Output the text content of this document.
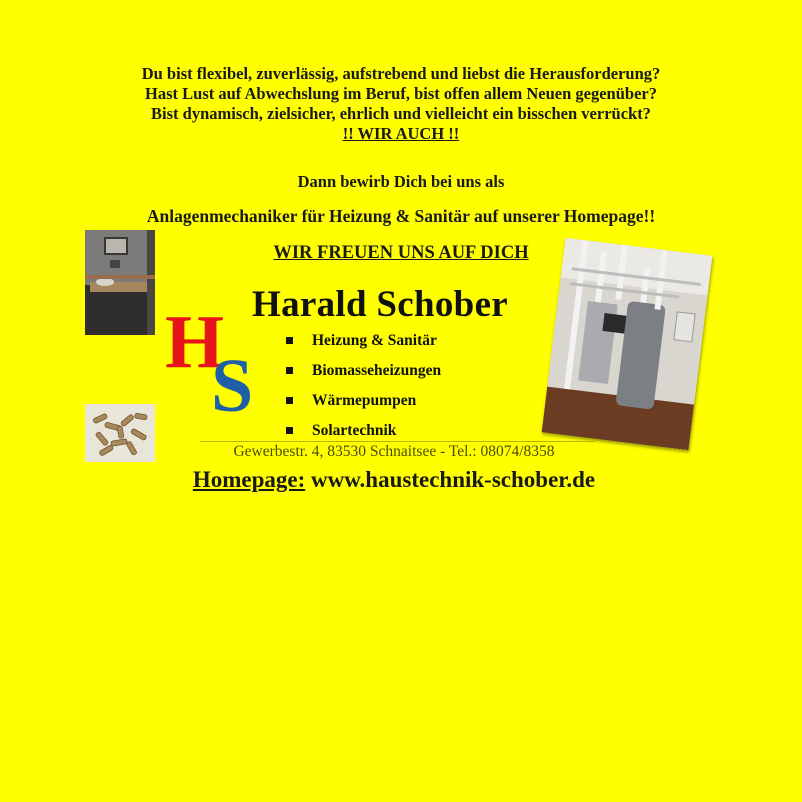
Du bist flexibel, zuverlässig, aufstrebend und liebst die Herausforderung?

Hast Lust auf Abwechslung im Beruf, bist offen allem Neuen gegenüber?

Bist dynamisch, zielsicher, ehrlich und vielleicht ein bisschen verrückt?

!! WIR AUCH !!

Dann bewirb Dich bei uns als

Anlagenmechaniker für Heizung & Sanitär auf unserer Homepage!!

WIR FREUEN UNS AUF DICH

H
S
Harald Schober
Heizung & Sanitär
Biomasseheizungen
Wärmepumpen
Solartechnik
Gewerbestr. 4, 83530 Schnaitsee - Tel.: 08074/8358
Homepage: www.haustechnik-schober.de
